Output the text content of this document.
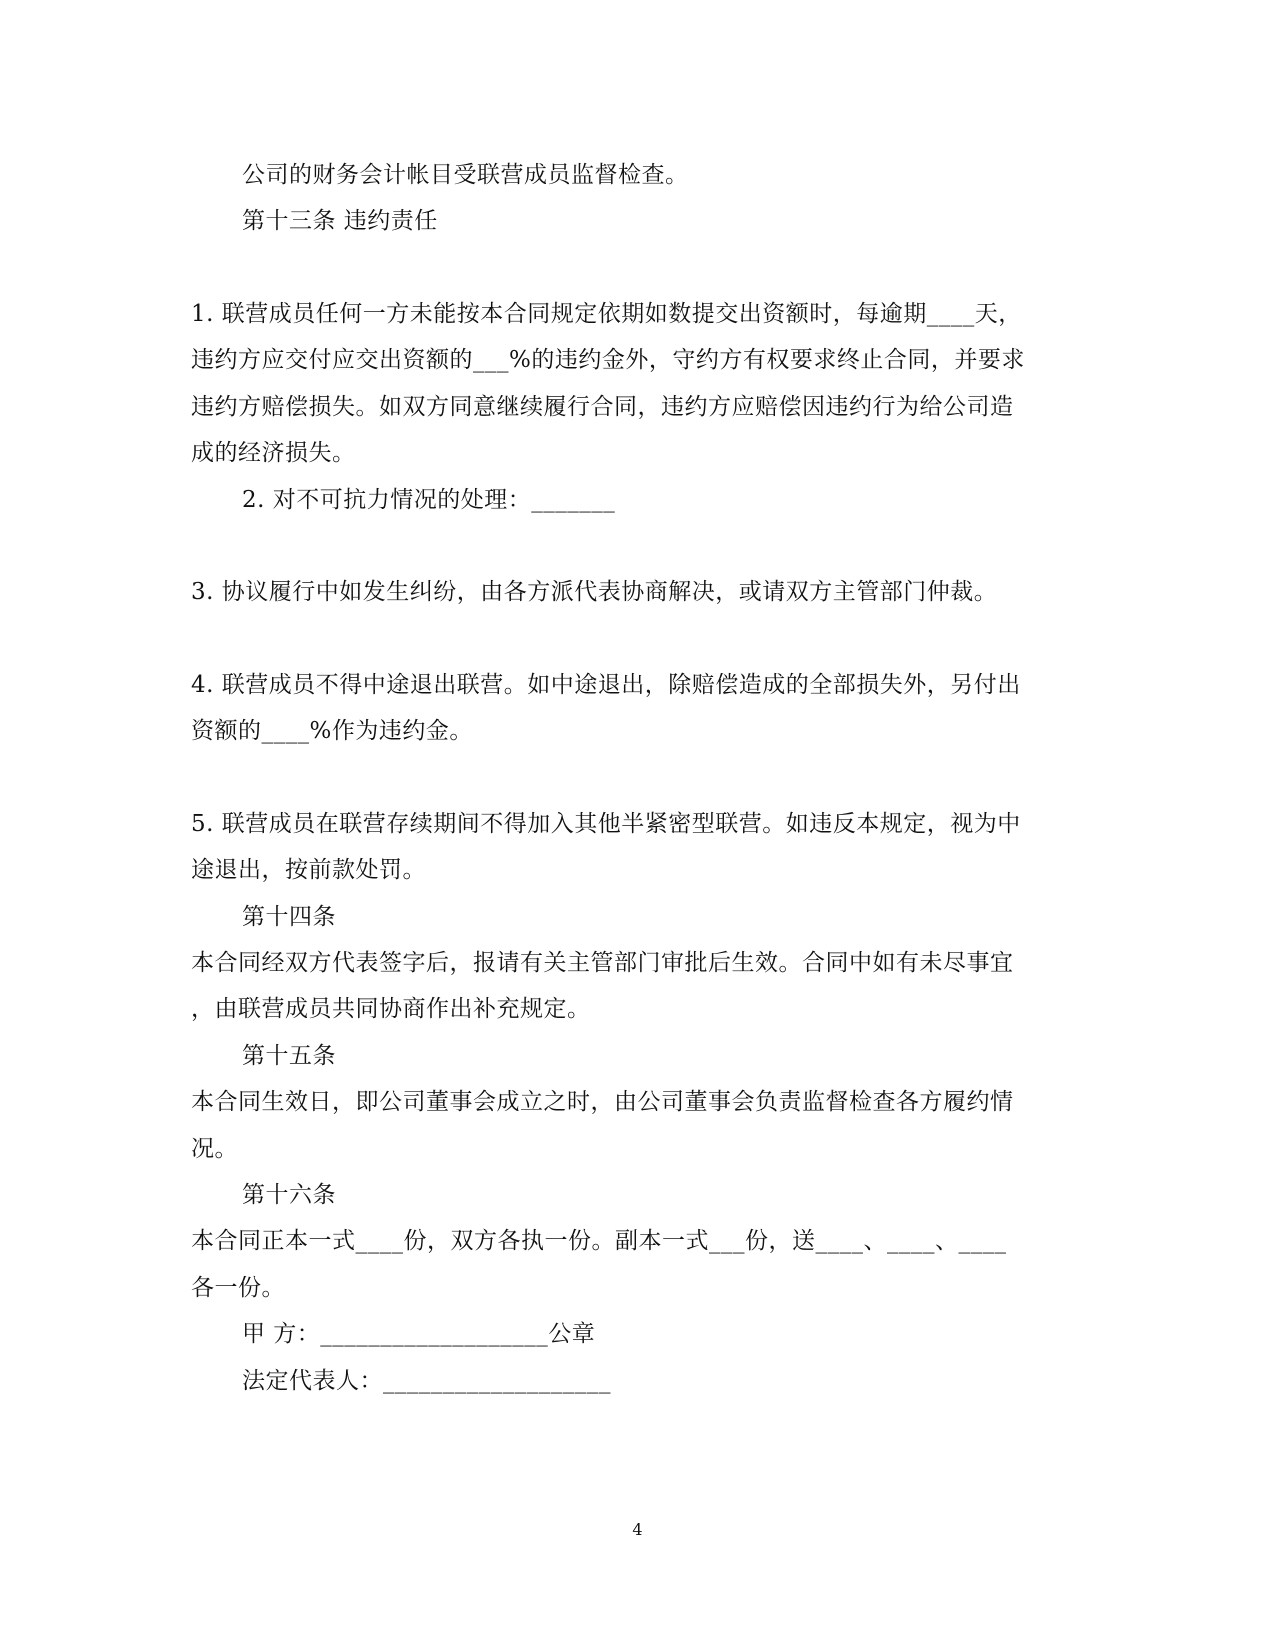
公司的财务会计帐目受联营成员监督检查。
第十三条 违约责任
1. 联营成员任何一方未能按本合同规定依期如数提交出资额时，每逾期____天，
违约方应交付应交出资额的___%的违约金外，守约方有权要求终止合同，并要求
违约方赔偿损失。如双方同意继续履行合同，违约方应赔偿因违约行为给公司造
成的经济损失。
2. 对不可抗力情况的处理：_______
3. 协议履行中如发生纠纷，由各方派代表协商解决，或请双方主管部门仲裁。
4. 联营成员不得中途退出联营。如中途退出，除赔偿造成的全部损失外，另付出
资额的____%作为违约金。
5. 联营成员在联营存续期间不得加入其他半紧密型联营。如违反本规定，视为中
途退出，按前款处罚。
第十四条
本合同经双方代表签字后，报请有关主管部门审批后生效。合同中如有未尽事宜
，由联营成员共同协商作出补充规定。
第十五条
本合同生效日，即公司董事会成立之时，由公司董事会负责监督检查各方履约情
况。
第十六条
本合同正本一式____份，双方各执一份。副本一式___份，送____、____、____
各一份。
甲 方：___________________公章
法定代表人：___________________
4
